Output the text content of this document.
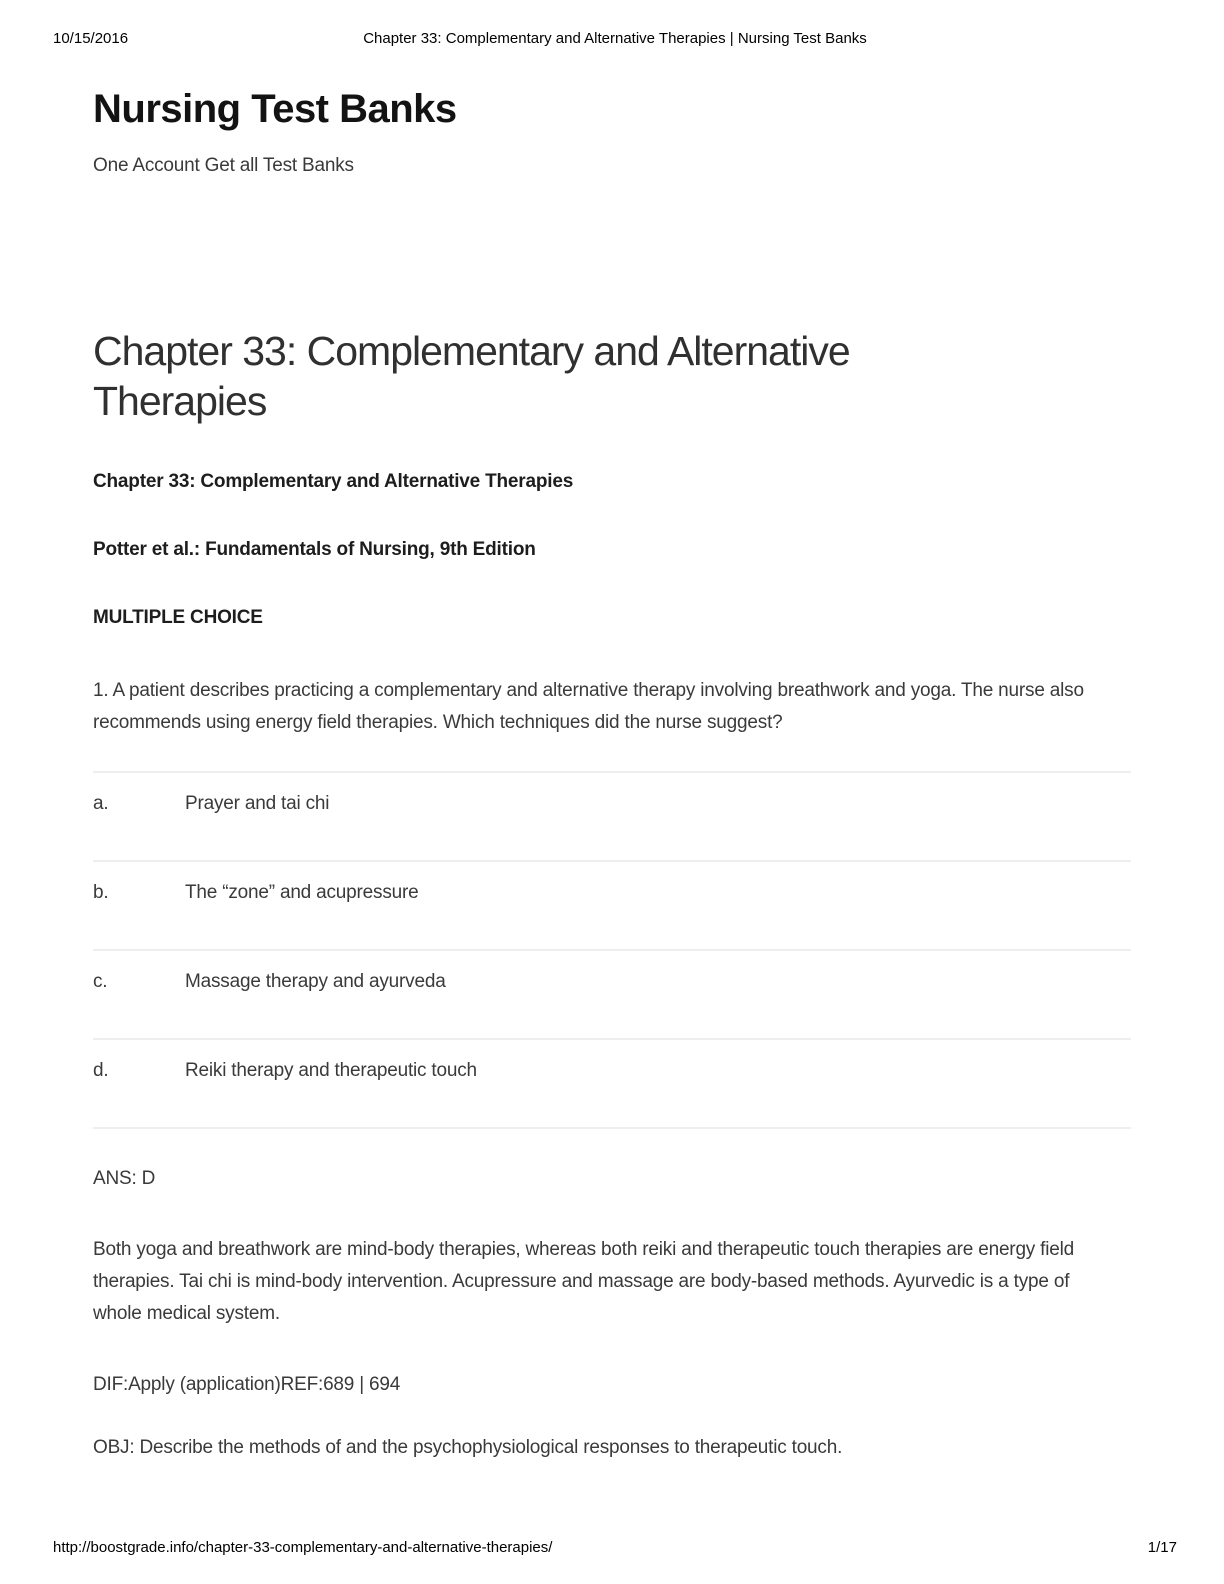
10/15/2016	Chapter 33: Complementary and Alternative Therapies | Nursing Test Banks
Nursing Test Banks
One Account Get all Test Banks
Chapter 33: Complementary and Alternative Therapies
Chapter 33: Complementary and Alternative Therapies
Potter et al.: Fundamentals of Nursing, 9th Edition
MULTIPLE CHOICE

1. A patient describes practicing a complementary and alternative therapy involving breathwork and yoga. The nurse also recommends using energy field therapies. Which techniques did the nurse suggest?

a.	Prayer and tai chi
b.	The “zone” and acupressure
c.	Massage therapy and ayurveda
d.	Reiki therapy and therapeutic touch
ANS: D

Both yoga and breathwork are mind-body therapies, whereas both reiki and therapeutic touch therapies are energy field therapies. Tai chi is mind-body intervention. Acupressure and massage are body-based methods. Ayurvedic is a type of whole medical system.

DIF:Apply (application)REF:689 | 694
OBJ: Describe the methods of and the psychophysiological responses to therapeutic touch.
http://boostgrade.info/chapter-33-complementary-and-alternative-therapies/	1/17
